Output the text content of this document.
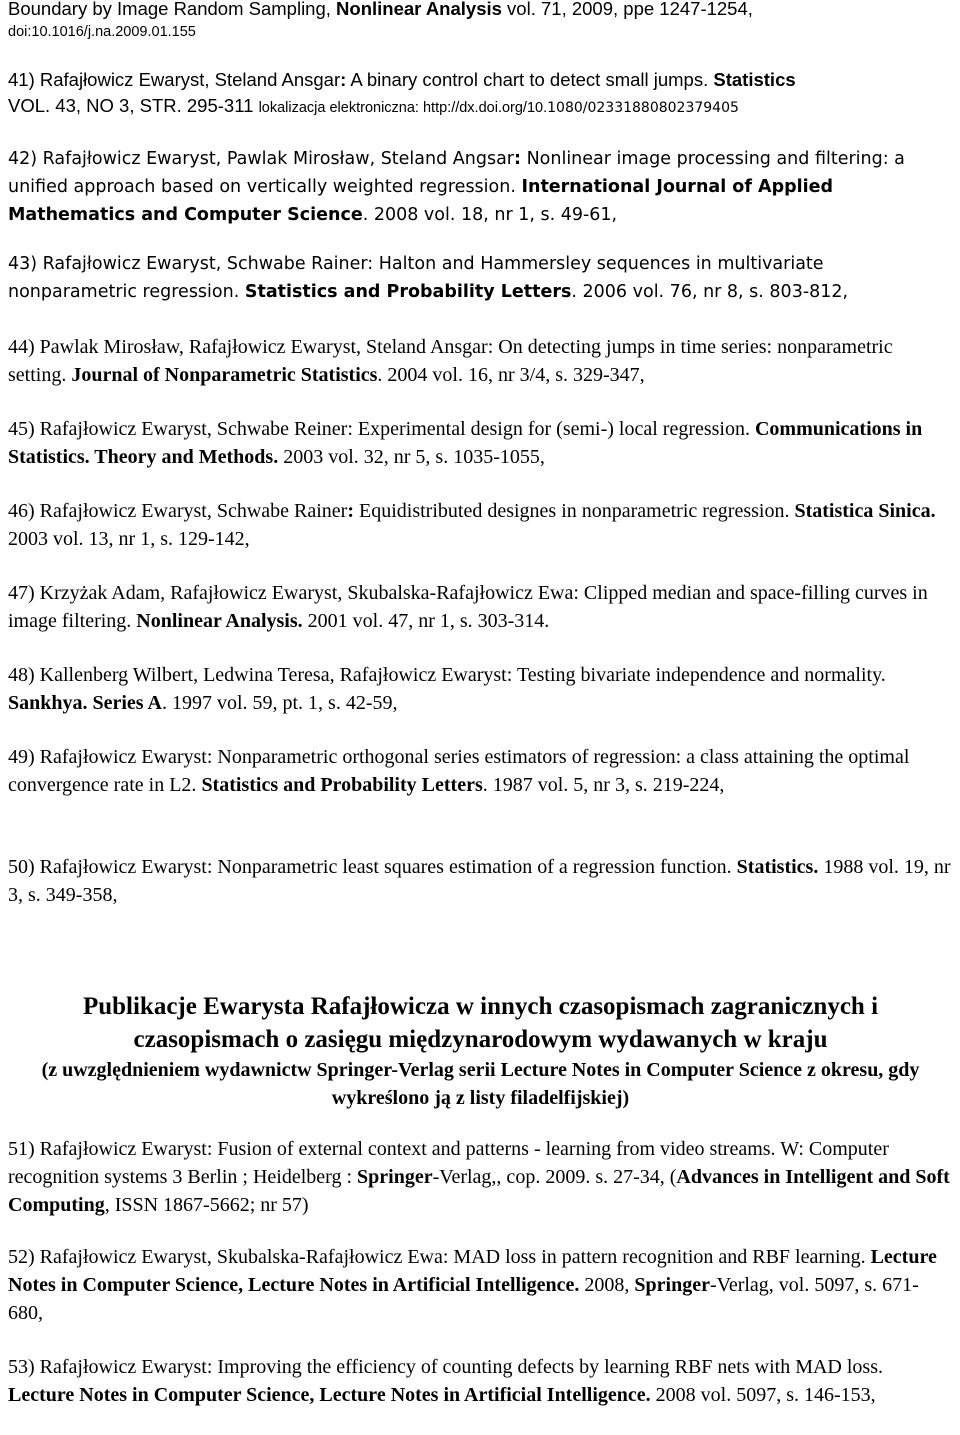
Boundary by Image Random Sampling, Nonlinear Analysis vol. 71, 2009, ppe 1247-1254,
doi:10.1016/j.na.2009.01.155
41) Rafajłowicz Ewaryst, Steland Ansgar: A binary control chart to detect small jumps. Statistics
VOL. 43, NO 3, STR. 295-311 lokalizacja elektroniczna: http://dx.doi.org/10.1080/02331880802379405
42) Rafajłowicz Ewaryst, Pawlak Mirosław, Steland Angsar: Nonlinear image processing and filtering: a unified approach based on vertically weighted regression. International Journal of Applied Mathematics and Computer Science. 2008 vol. 18, nr 1, s. 49-61,
43) Rafajłowicz Ewaryst, Schwabe Rainer: Halton and Hammersley sequences in multivariate nonparametric regression. Statistics and Probability Letters. 2006 vol. 76, nr 8, s. 803-812,
44) Pawlak Mirosław, Rafajłowicz Ewaryst, Steland Ansgar: On detecting jumps in time series: nonparametric setting. Journal of Nonparametric Statistics. 2004 vol. 16, nr 3/4, s. 329-347,
45) Rafajłowicz Ewaryst, Schwabe Reiner: Experimental design for (semi-) local regression. Communications in Statistics. Theory and Methods. 2003 vol. 32, nr 5, s. 1035-1055,
46) Rafajłowicz Ewaryst, Schwabe Rainer: Equidistributed designes in nonparametric regression. Statistica Sinica. 2003 vol. 13, nr 1, s. 129-142,
47) Krzyżak Adam, Rafajłowicz Ewaryst, Skubalska-Rafajłowicz Ewa: Clipped median and space-filling curves in image filtering. Nonlinear Analysis. 2001 vol. 47, nr 1, s. 303-314.
48) Kallenberg Wilbert, Ledwina Teresa, Rafajłowicz Ewaryst: Testing bivariate independence and normality. Sankhya. Series A. 1997 vol. 59, pt. 1, s. 42-59,
49) Rafajłowicz Ewaryst: Nonparametric orthogonal series estimators of regression: a class attaining the optimal convergence rate in L2. Statistics and Probability Letters. 1987 vol. 5, nr 3, s. 219-224,
50) Rafajłowicz Ewaryst: Nonparametric least squares estimation of a regression function. Statistics. 1988 vol. 19, nr 3, s. 349-358,
Publikacje Ewarysta Rafajłowicza w innych czasopismach zagranicznych i
czasopismach o zasięgu międzynarodowym wydawanych w kraju
(z uwzględnieniem wydawnictw Springer-Verlag serii Lecture Notes in Computer Science z okresu, gdy wykreślono ją z listy filadelfijskiej)
51) Rafajłowicz Ewaryst: Fusion of external context and patterns - learning from video streams. W: Computer recognition systems 3 Berlin ; Heidelberg : Springer-Verlag,, cop. 2009. s. 27-34, (Advances in Intelligent and Soft Computing, ISSN 1867-5662; nr 57)
52) Rafajłowicz Ewaryst, Skubalska-Rafajłowicz Ewa: MAD loss in pattern recognition and RBF learning. Lecture Notes in Computer Science, Lecture Notes in Artificial Intelligence. 2008, Springer-Verlag, vol. 5097, s. 671-680,
53) Rafajłowicz Ewaryst: Improving the efficiency of counting defects by learning RBF nets with MAD loss. Lecture Notes in Computer Science, Lecture Notes in Artificial Intelligence. 2008 vol. 5097, s. 146-153,
